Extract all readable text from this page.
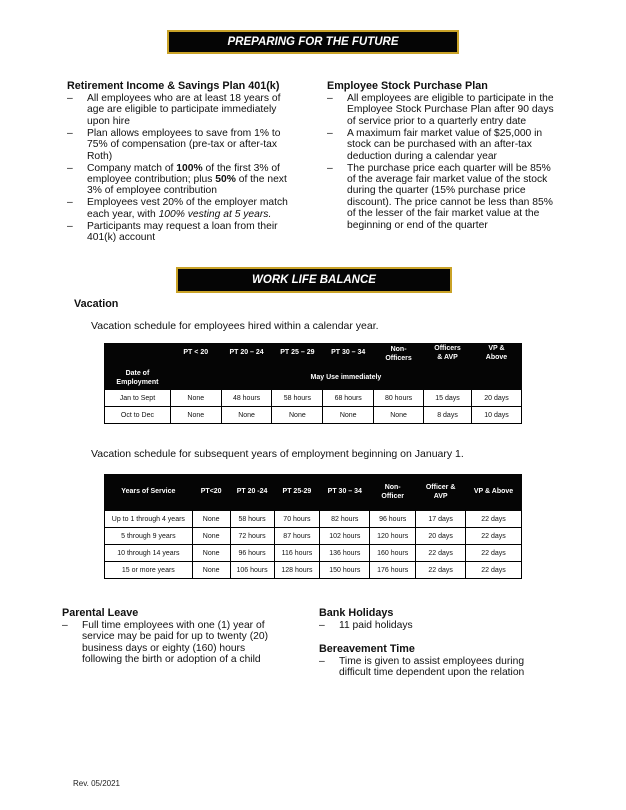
PREPARING FOR THE FUTURE
Retirement Income & Savings Plan 401(k)
– All employees who are at least 18 years of age are eligible to participate immediately upon hire
– Plan allows employees to save from 1% to 75% of compensation (pre-tax or after-tax Roth)
– Company match of 100% of the first 3% of employee contribution; plus 50% of the next 3% of employee contribution
– Employees vest 20% of the employer match each year, with 100% vesting at 5 years.
– Participants may request a loan from their 401(k) account
Employee Stock Purchase Plan
– All employees are eligible to participate in the Employee Stock Purchase Plan after 90 days of service prior to a quarterly entry date
– A maximum fair market value of $25,000 in stock can be purchased with an after-tax deduction during a calendar year
– The purchase price each quarter will be 85% of the average fair market value of the stock during the quarter (15% purchase price discount). The price cannot be less than 85% of the lesser of the fair market value at the beginning or end of the quarter
WORK LIFE BALANCE
Vacation
Vacation schedule for employees hired within a calendar year.
	PT < 20	PT 20 – 24	PT 25 – 29	PT 30 – 34	Non-Officers	Officers & AVP	VP & Above
Date of Employment	May Use immediately						
Jan to Sept	None	48 hours	58 hours	68 hours	80 hours	15 days	20 days
Oct to Dec	None	None	None	None	None	8 days	10 days
Vacation schedule for subsequent years of employment beginning on January 1.
Years of Service	PT<20	PT 20 -24	PT 25-29	PT 30 – 34	Non-Officer	Officer & AVP	VP & Above
Up to 1 through 4 years	None	58 hours	70 hours	82 hours	96 hours	17 days	22 days
5 through 9 years	None	72 hours	87 hours	102 hours	120 hours	20 days	22 days
10 through 14 years	None	96 hours	116 hours	136 hours	160 hours	22 days	22 days
15 or more years	None	106 hours	128 hours	150 hours	176 hours	22 days	22 days
Parental Leave
– Full time employees with one (1) year of service may be paid for up to twenty (20) business days or eighty (160) hours following the birth or adoption of a child
Bank Holidays
– 11 paid holidays
Bereavement Time
– Time is given to assist employees during difficult time dependent upon the relation
Rev. 05/2021
